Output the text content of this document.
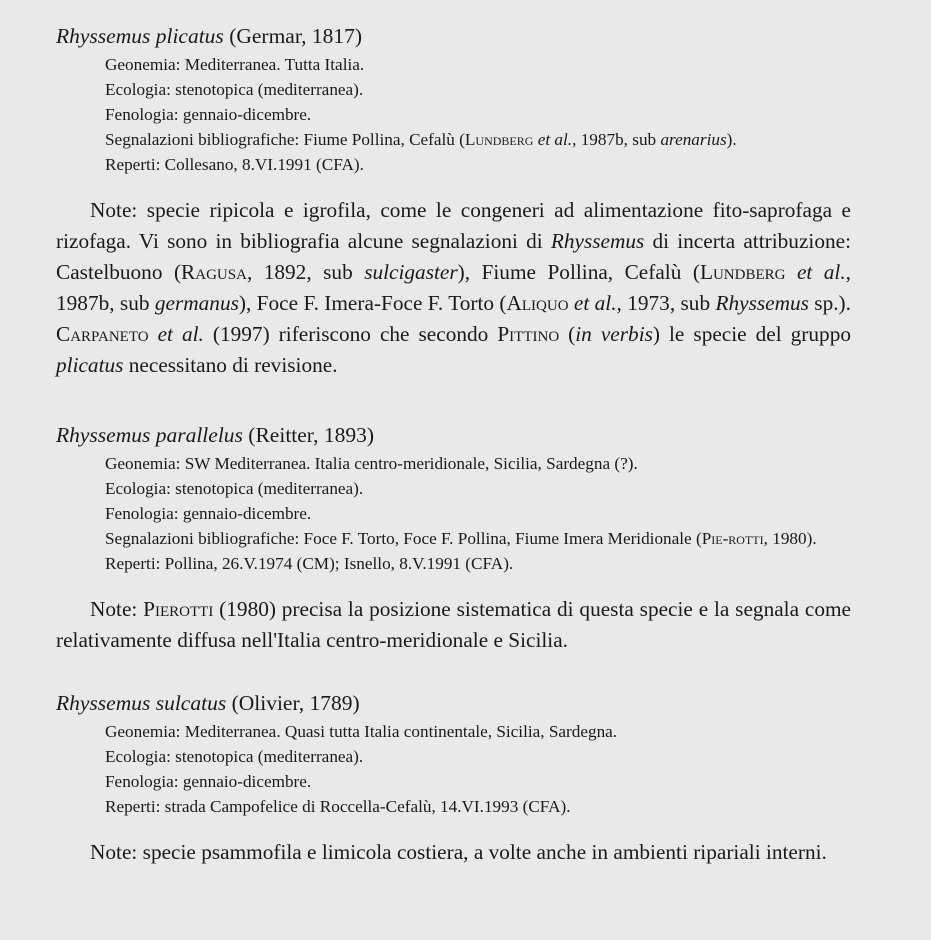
Rhyssemus plicatus (Germar, 1817)

Geonemia: Mediterranea. Tutta Italia.

Ecologia: stenotopica (mediterranea).

Fenologia: gennaio-dicembre.

Segnalazioni bibliografiche: Fiume Pollina, Cefalù (Lundberg et al., 1987b, sub arenarius).

Reperti: Collesano, 8.VI.1991 (CFA).

Note: specie ripicola e igrofila, come le congeneri ad alimentazione fito-saprofaga e rizofaga. Vi sono in bibliografia alcune segnalazioni di Rhyssemus di incerta attribuzione: Castelbuono (Ragusa, 1892, sub sulcigaster), Fiume Pollina, Cefalù (Lundberg et al., 1987b, sub germanus), Foce F. Imera-Foce F. Torto (Aliquo et al., 1973, sub Rhyssemus sp.). Carpaneto et al. (1997) riferiscono che secondo Pittino (in verbis) le specie del gruppo plicatus necessitano di revisione.

Rhyssemus parallelus (Reitter, 1893)

Geonemia: SW Mediterranea. Italia centro-meridionale, Sicilia, Sardegna (?).

Ecologia: stenotopica (mediterranea).

Fenologia: gennaio-dicembre.

Segnalazioni bibliografiche: Foce F. Torto, Foce F. Pollina, Fiume Imera Meridionale (Pie-rotti, 1980).

Reperti: Pollina, 26.V.1974 (CM); Isnello, 8.V.1991 (CFA).

Note: Pierotti (1980) precisa la posizione sistematica di questa specie e la segnala come relativamente diffusa nell'Italia centro-meridionale e Sicilia.

Rhyssemus sulcatus (Olivier, 1789)

Geonemia: Mediterranea. Quasi tutta Italia continentale, Sicilia, Sardegna.

Ecologia: stenotopica (mediterranea).

Fenologia: gennaio-dicembre.

Reperti: strada Campofelice di Roccella-Cefalù, 14.VI.1993 (CFA).

Note: specie psammofila e limicola costiera, a volte anche in ambienti ripariali interni.
